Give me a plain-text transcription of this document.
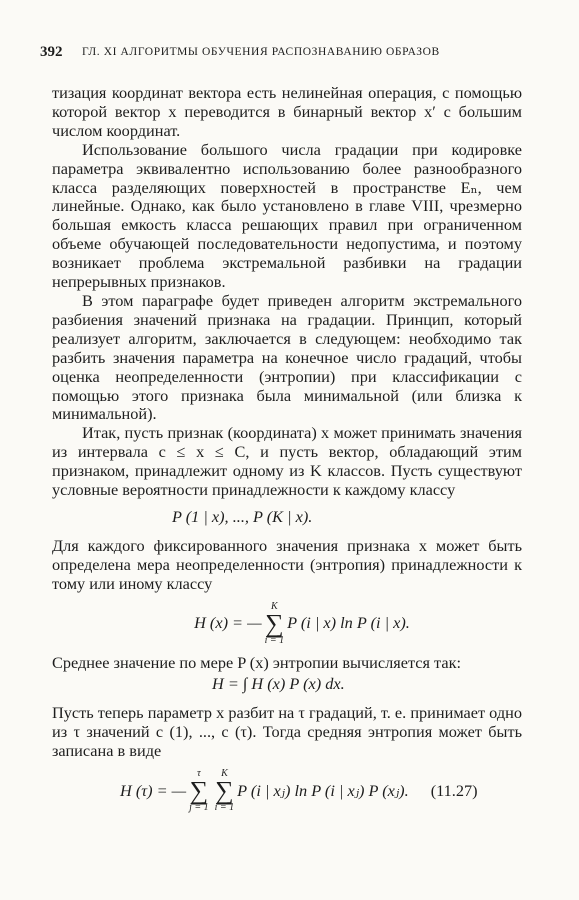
392 ГЛ. XI АЛГОРИТМЫ ОБУЧЕНИЯ РАСПОЗНАВАНИЮ ОБРАЗОВ

тизация координат вектора есть нелинейная операция, с помощью которой вектор x переводится в бинарный вектор x′ с большим числом координат.

Использование большого числа градации при кодировке параметра эквивалентно использованию более разнообразного класса разделяющих поверхностей в пространстве Eₙ, чем линейные. Однако, как было установлено в главе VIII, чрезмерно большая емкость класса решающих правил при ограниченном объеме обучающей последовательности недопустима, и поэтому возникает проблема экстремальной разбивки на градации непрерывных признаков.

В этом параграфе будет приведен алгоритм экстремального разбиения значений признака на градации. Принцип, который реализует алгоритм, заключается в следующем: необходимо так разбить значения параметра на конечное число градаций, чтобы оценка неопределенности (энтропии) при классификации с помощью этого признака была минимальной (или близка к минимальной).

Итак, пусть признак (координата) x может принимать значения из интервала c ≤ x ≤ C, и пусть вектор, обладающий этим признаком, принадлежит одному из K классов. Пусть существуют условные вероятности принадлежности к каждому классу

P (1 | x), ..., P (K | x).

Для каждого фиксированного значения признака x может быть определена мера неопределенности (энтропия) принадлежности к тому или иному классу

H (x) = —
K
∑
i = 1
P (i | x) ln P (i | x).

Среднее значение по мере P (x) энтропии вычисляется так:

H = ∫ H (x) P (x) dx.

Пусть теперь параметр x разбит на τ градаций, т. е. принимает одно из τ значений c (1), ..., c (τ). Тогда средняя энтропия может быть записана в виде

H (τ) = —
τ
∑
j = 1
K
∑
i = 1
P (i | xⱼ) ln P (i | xⱼ) P (xⱼ). (11.27)
